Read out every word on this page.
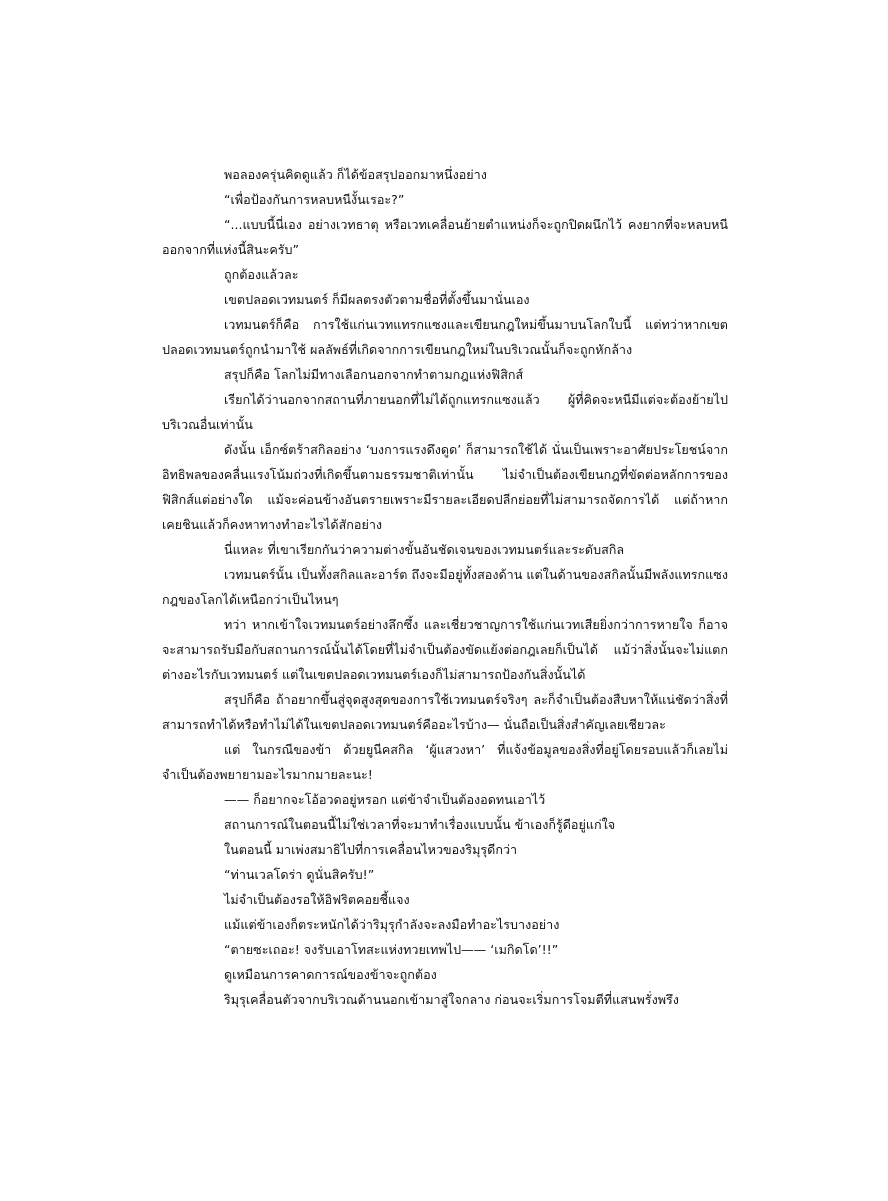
พอลองครุ่นคิดดูแล้ว ก็ได้ข้อสรุปออกมาหนึ่งอย่าง

“เพื่อป้องกันการหลบหนีงั้นเรอะ?”

“...แบบนี้นี่เอง อย่างเวทธาตุ หรือเวทเคลื่อนย้ายตำแหน่งก็จะถูกปิดผนึกไว้ คงยากที่จะหลบหนีออกจากที่แห่งนี้สินะครับ”

ถูกต้องแล้วละ

เขตปลอดเวทมนตร์ ก็มีผลตรงตัวตามชื่อที่ตั้งขึ้นมานั่นเอง

เวทมนตร์ก็คือ การใช้แก่นเวทแทรกแซงและเขียนกฎใหม่ขึ้นมาบนโลกใบนี้ แต่ทว่าหากเขตปลอดเวทมนตร์ถูกนำมาใช้ ผลลัพธ์ที่เกิดจากการเขียนกฎใหม่ในบริเวณนั้นก็จะถูกหักล้าง

สรุปก็คือ โลกไม่มีทางเลือกนอกจากทำตามกฎแห่งฟิสิกส์

เรียกได้ว่านอกจากสถานที่ภายนอกที่ไม่ได้ถูกแทรกแซงแล้ว ผู้ที่คิดจะหนีมีแต่จะต้องย้ายไปบริเวณอื่นเท่านั้น

ดังนั้น เอ็กซ์ตร้าสกิลอย่าง ‘บงการแรงดึงดูด’ ก็สามารถใช้ได้ นั่นเป็นเพราะอาศัยประโยชน์จากอิทธิพลของคลื่นแรงโน้มถ่วงที่เกิดขึ้นตามธรรมชาติเท่านั้น ไม่จำเป็นต้องเขียนกฎที่ขัดต่อหลักการของฟิสิกส์แต่อย่างใด แม้จะค่อนข้างอันตรายเพราะมีรายละเอียดปลีกย่อยที่ไม่สามารถจัดการได้ แต่ถ้าหากเคยชินแล้วก็คงหาทางทำอะไรได้สักอย่าง

นี่แหละ ที่เขาเรียกกันว่าความต่างขั้นอันชัดเจนของเวทมนตร์และระดับสกิล

เวทมนตร์นั้น เป็นทั้งสกิลและอาร์ต ถึงจะมีอยู่ทั้งสองด้าน แต่ในด้านของสกิลนั้นมีพลังแทรกแซงกฎของโลกได้เหนือกว่าเป็นไหนๆ

ทว่า หากเข้าใจเวทมนตร์อย่างลึกซึ้ง และเชี่ยวชาญการใช้แก่นเวทเสียยิ่งกว่าการหายใจ ก็อาจจะสามารถรับมือกับสถานการณ์นั้นได้โดยที่ไม่จำเป็นต้องขัดแย้งต่อกฎเลยก็เป็นได้ แม้ว่าสิ่งนั้นจะไม่แตกต่างอะไรกับเวทมนตร์ แต่ในเขตปลอดเวทมนตร์เองก็ไม่สามารถป้องกันสิ่งนั้นได้

สรุปก็คือ ถ้าอยากขึ้นสู่จุดสูงสุดของการใช้เวทมนตร์จริงๆ ละก็จำเป็นต้องสืบหาให้แน่ชัดว่าสิ่งที่สามารถทำได้หรือทำไม่ได้ในเขตปลอดเวทมนตร์คืออะไรบ้าง— นั่นถือเป็นสิ่งสำคัญเลยเชียวละ

แต่ ในกรณีของข้า ด้วยยูนีคสกิล ‘ผู้แสวงหา’ ที่แจ้งข้อมูลของสิ่งที่อยู่โดยรอบแล้วก็เลยไม่จำเป็นต้องพยายามอะไรมากมายละนะ!

—— ก็อยากจะโอ้อวดอยู่หรอก แต่ข้าจำเป็นต้องอดทนเอาไว้

สถานการณ์ในตอนนี้ไม่ใช่เวลาที่จะมาทำเรื่องแบบนั้น ข้าเองก็รู้ดีอยู่แก่ใจ

ในตอนนี้ มาเพ่งสมาธิไปที่การเคลื่อนไหวของริมุรุดีกว่า

“ท่านเวลโดร่า ดูนั่นสิครับ!”

ไม่จำเป็นต้องรอให้อิฟริตคอยชี้แจง

แม้แต่ข้าเองก็ตระหนักได้ว่าริมุรุกำลังจะลงมือทำอะไรบางอย่าง

“ตายซะเถอะ! จงรับเอาโทสะแห่งทวยเทพไป—— ‘เมกิดโด’!!”

ดูเหมือนการคาดการณ์ของข้าจะถูกต้อง

ริมุรุเคลื่อนตัวจากบริเวณด้านนอกเข้ามาสู่ใจกลาง ก่อนจะเริ่มการโจมตีที่แสนพรั่งพรึง
